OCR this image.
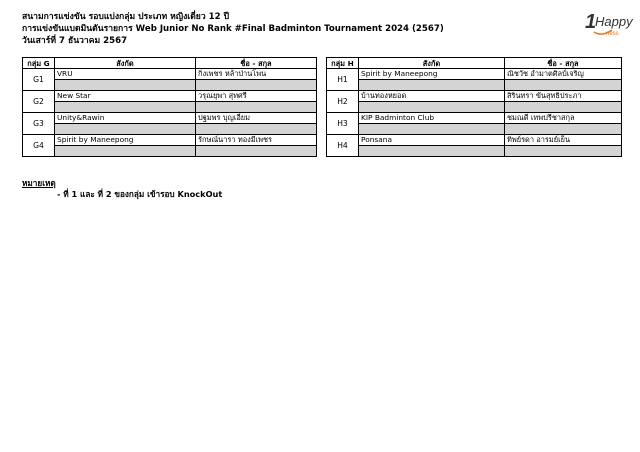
สนามการแข่งขัน รอบแบ่งกลุ่ม ประเภท หญิงเดี่ยว 12 ปี
การแข่งขันแบดมินตันรายการ Web Junior No Rank #Final Badminton Tournament 2024 (2567)
วันเสาร์ที่ 7 ธันวาคม 2567
1
Happy
ness
กลุ่ม G	สังกัด	ชื่อ - สกุล
G1	VRU	กิ่งเพชร หล้าป่านโพน

G2	New Star	วรุณยุพา สุทศรี

G3	Unity&Rawin	ปฐมพร บุญเอี่ยม

G4	Spirit by Maneepong	รักษณ์นารา ทองมีเพชร

กลุ่ม H	สังกัด	ชื่อ - สกุล
H1	Spirit by Maneepong	ณิชวัช อำมาตศิลป์เจริญ

H2	บ้านทองหยอด	สิรินทรา ขันสุทธิประภา

H3	KIP Badminton Club	ชมณดี เทพปรีชาสกุล

H4	Ponsana	ทิพย์รดา อารมย์เย็น

หมายเหตุ
- ที่ 1 และ ที่ 2 ของกลุ่ม เข้ารอบ KnockOut
